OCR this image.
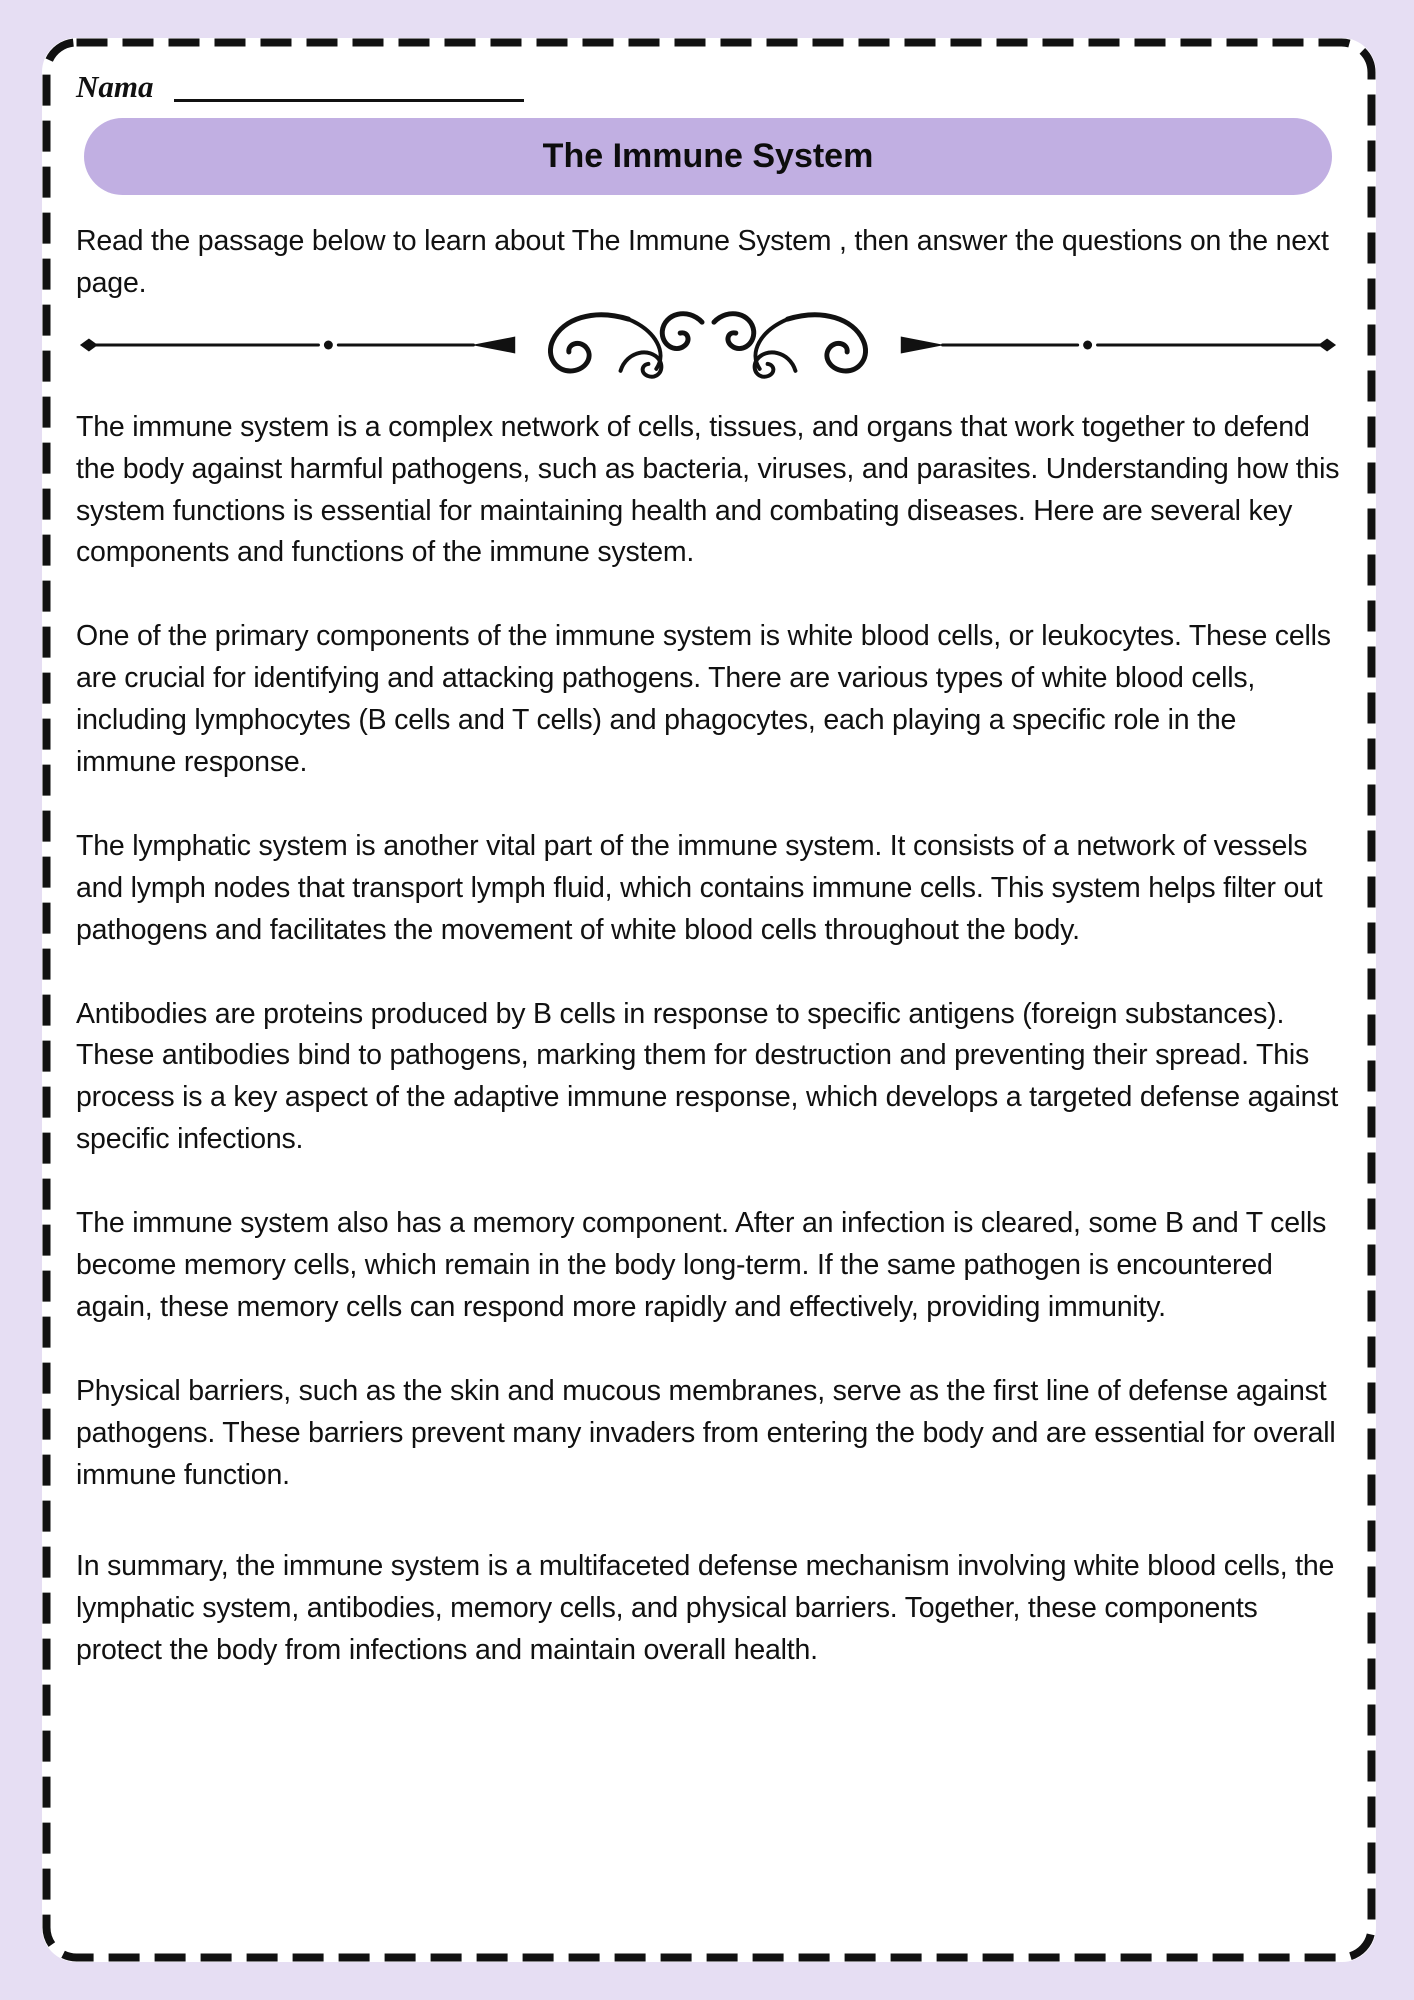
Nama
The Immune System

Read the passage below to learn about The Immune System , then answer the questions on the next page.

The immune system is a complex network of cells, tissues, and organs that work together to defend the body against harmful pathogens, such as bacteria, viruses, and parasites. Understanding how this system functions is essential for maintaining health and combating diseases. Here are several key components and functions of the immune system.

One of the primary components of the immune system is white blood cells, or leukocytes. These cells are crucial for identifying and attacking pathogens. There are various types of white blood cells, including lymphocytes (B cells and T cells) and phagocytes, each playing a specific role in the immune response.

The lymphatic system is another vital part of the immune system. It consists of a network of vessels and lymph nodes that transport lymph fluid, which contains immune cells. This system helps filter out pathogens and facilitates the movement of white blood cells throughout the body.

Antibodies are proteins produced by B cells in response to specific antigens (foreign substances). These antibodies bind to pathogens, marking them for destruction and preventing their spread. This process is a key aspect of the adaptive immune response, which develops a targeted defense against specific infections.

The immune system also has a memory component. After an infection is cleared, some B and T cells become memory cells, which remain in the body long-term. If the same pathogen is encountered again, these memory cells can respond more rapidly and effectively, providing immunity.

Physical barriers, such as the skin and mucous membranes, serve as the first line of defense against pathogens. These barriers prevent many invaders from entering the body and are essential for overall immune function.

In summary, the immune system is a multifaceted defense mechanism involving white blood cells, the lymphatic system, antibodies, memory cells, and physical barriers. Together, these components protect the body from infections and maintain overall health.
